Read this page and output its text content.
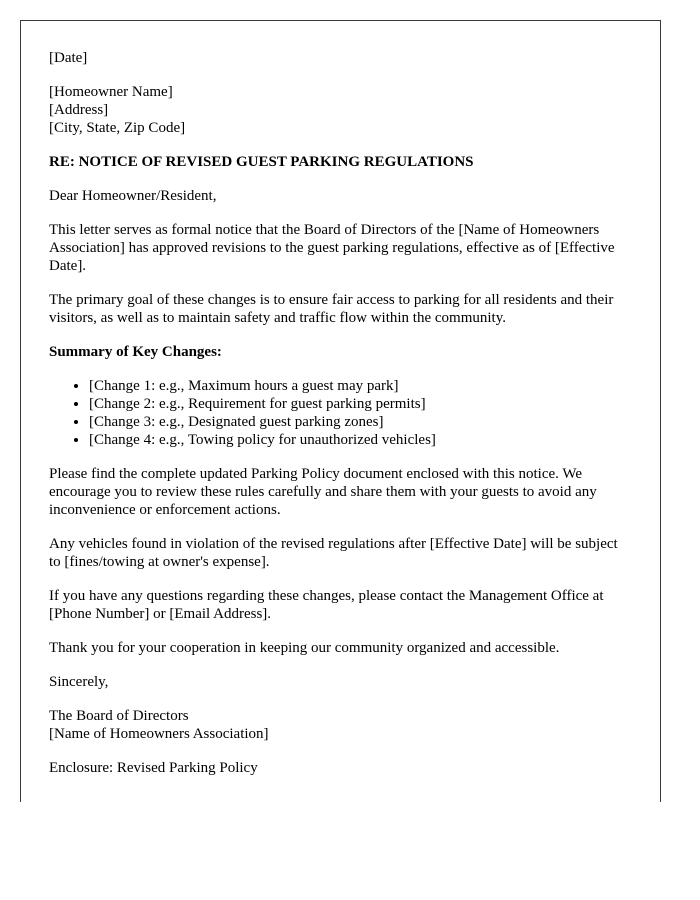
[Date]

[Homeowner Name]
[Address]
[City, State, Zip Code]

RE: NOTICE OF REVISED GUEST PARKING REGULATIONS

Dear Homeowner/Resident,

This letter serves as formal notice that the Board of Directors of the [Name of Homeowners Association] has approved revisions to the guest parking regulations, effective as of [Effective Date].

The primary goal of these changes is to ensure fair access to parking for all residents and their visitors, as well as to maintain safety and traffic flow within the community.

Summary of Key Changes:

• [Change 1: e.g., Maximum hours a guest may park]
• [Change 2: e.g., Requirement for guest parking permits]
• [Change 3: e.g., Designated guest parking zones]
• [Change 4: e.g., Towing policy for unauthorized vehicles]

Please find the complete updated Parking Policy document enclosed with this notice. We encourage you to review these rules carefully and share them with your guests to avoid any inconvenience or enforcement actions.

Any vehicles found in violation of the revised regulations after [Effective Date] will be subject to [fines/towing at owner's expense].

If you have any questions regarding these changes, please contact the Management Office at [Phone Number] or [Email Address].

Thank you for your cooperation in keeping our community organized and accessible.

Sincerely,

The Board of Directors
[Name of Homeowners Association]

Enclosure: Revised Parking Policy
